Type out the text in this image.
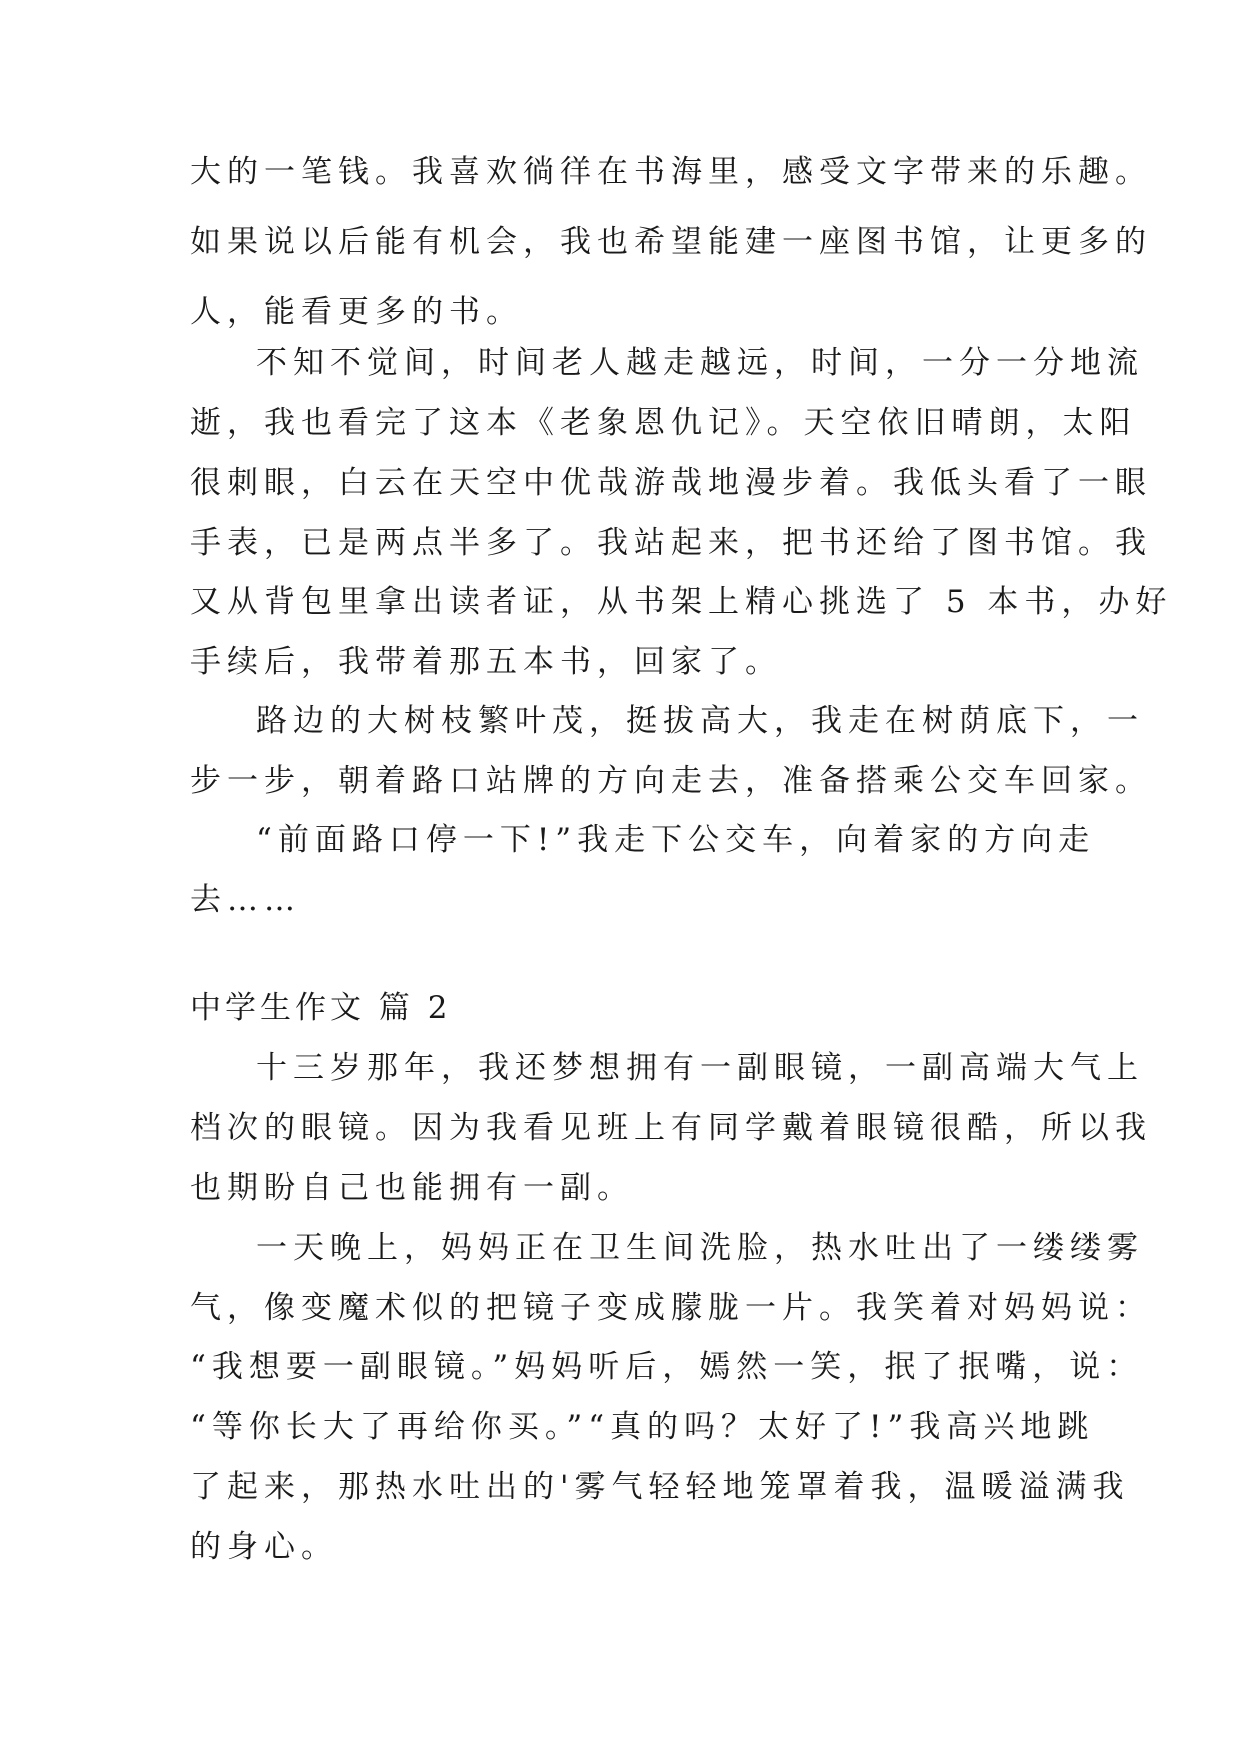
大的一笔钱。我喜欢徜徉在书海里，感受文字带来的乐趣。
如果说以后能有机会，我也希望能建一座图书馆，让更多的
人，能看更多的书。
不知不觉间，时间老人越走越远，时间，一分一分地流
逝，我也看完了这本《老象恩仇记》。天空依旧晴朗，太阳
很刺眼，白云在天空中优哉游哉地漫步着。我低头看了一眼
手表，已是两点半多了。我站起来，把书还给了图书馆。我
又从背包里拿出读者证，从书架上精心挑选了 5 本书，办好
手续后，我带着那五本书，回家了。
路边的大树枝繁叶茂，挺拔高大，我走在树荫底下，一
步一步，朝着路口站牌的方向走去，准备搭乘公交车回家。
“前面路口停一下!”我走下公交车，向着家的方向走
去……
中学生作文 篇 2
十三岁那年，我还梦想拥有一副眼镜，一副高端大气上
档次的眼镜。因为我看见班上有同学戴着眼镜很酷，所以我
也期盼自己也能拥有一副。
一天晚上，妈妈正在卫生间洗脸，热水吐出了一缕缕雾
气，像变魔术似的把镜子变成朦胧一片。我笑着对妈妈说：
“我想要一副眼镜。”妈妈听后，嫣然一笑，抿了抿嘴，说：
“等你长大了再给你买。”“真的吗？太好了!”我高兴地跳
了起来，那热水吐出的'雾气轻轻地笼罩着我，温暖溢满我
的身心。
